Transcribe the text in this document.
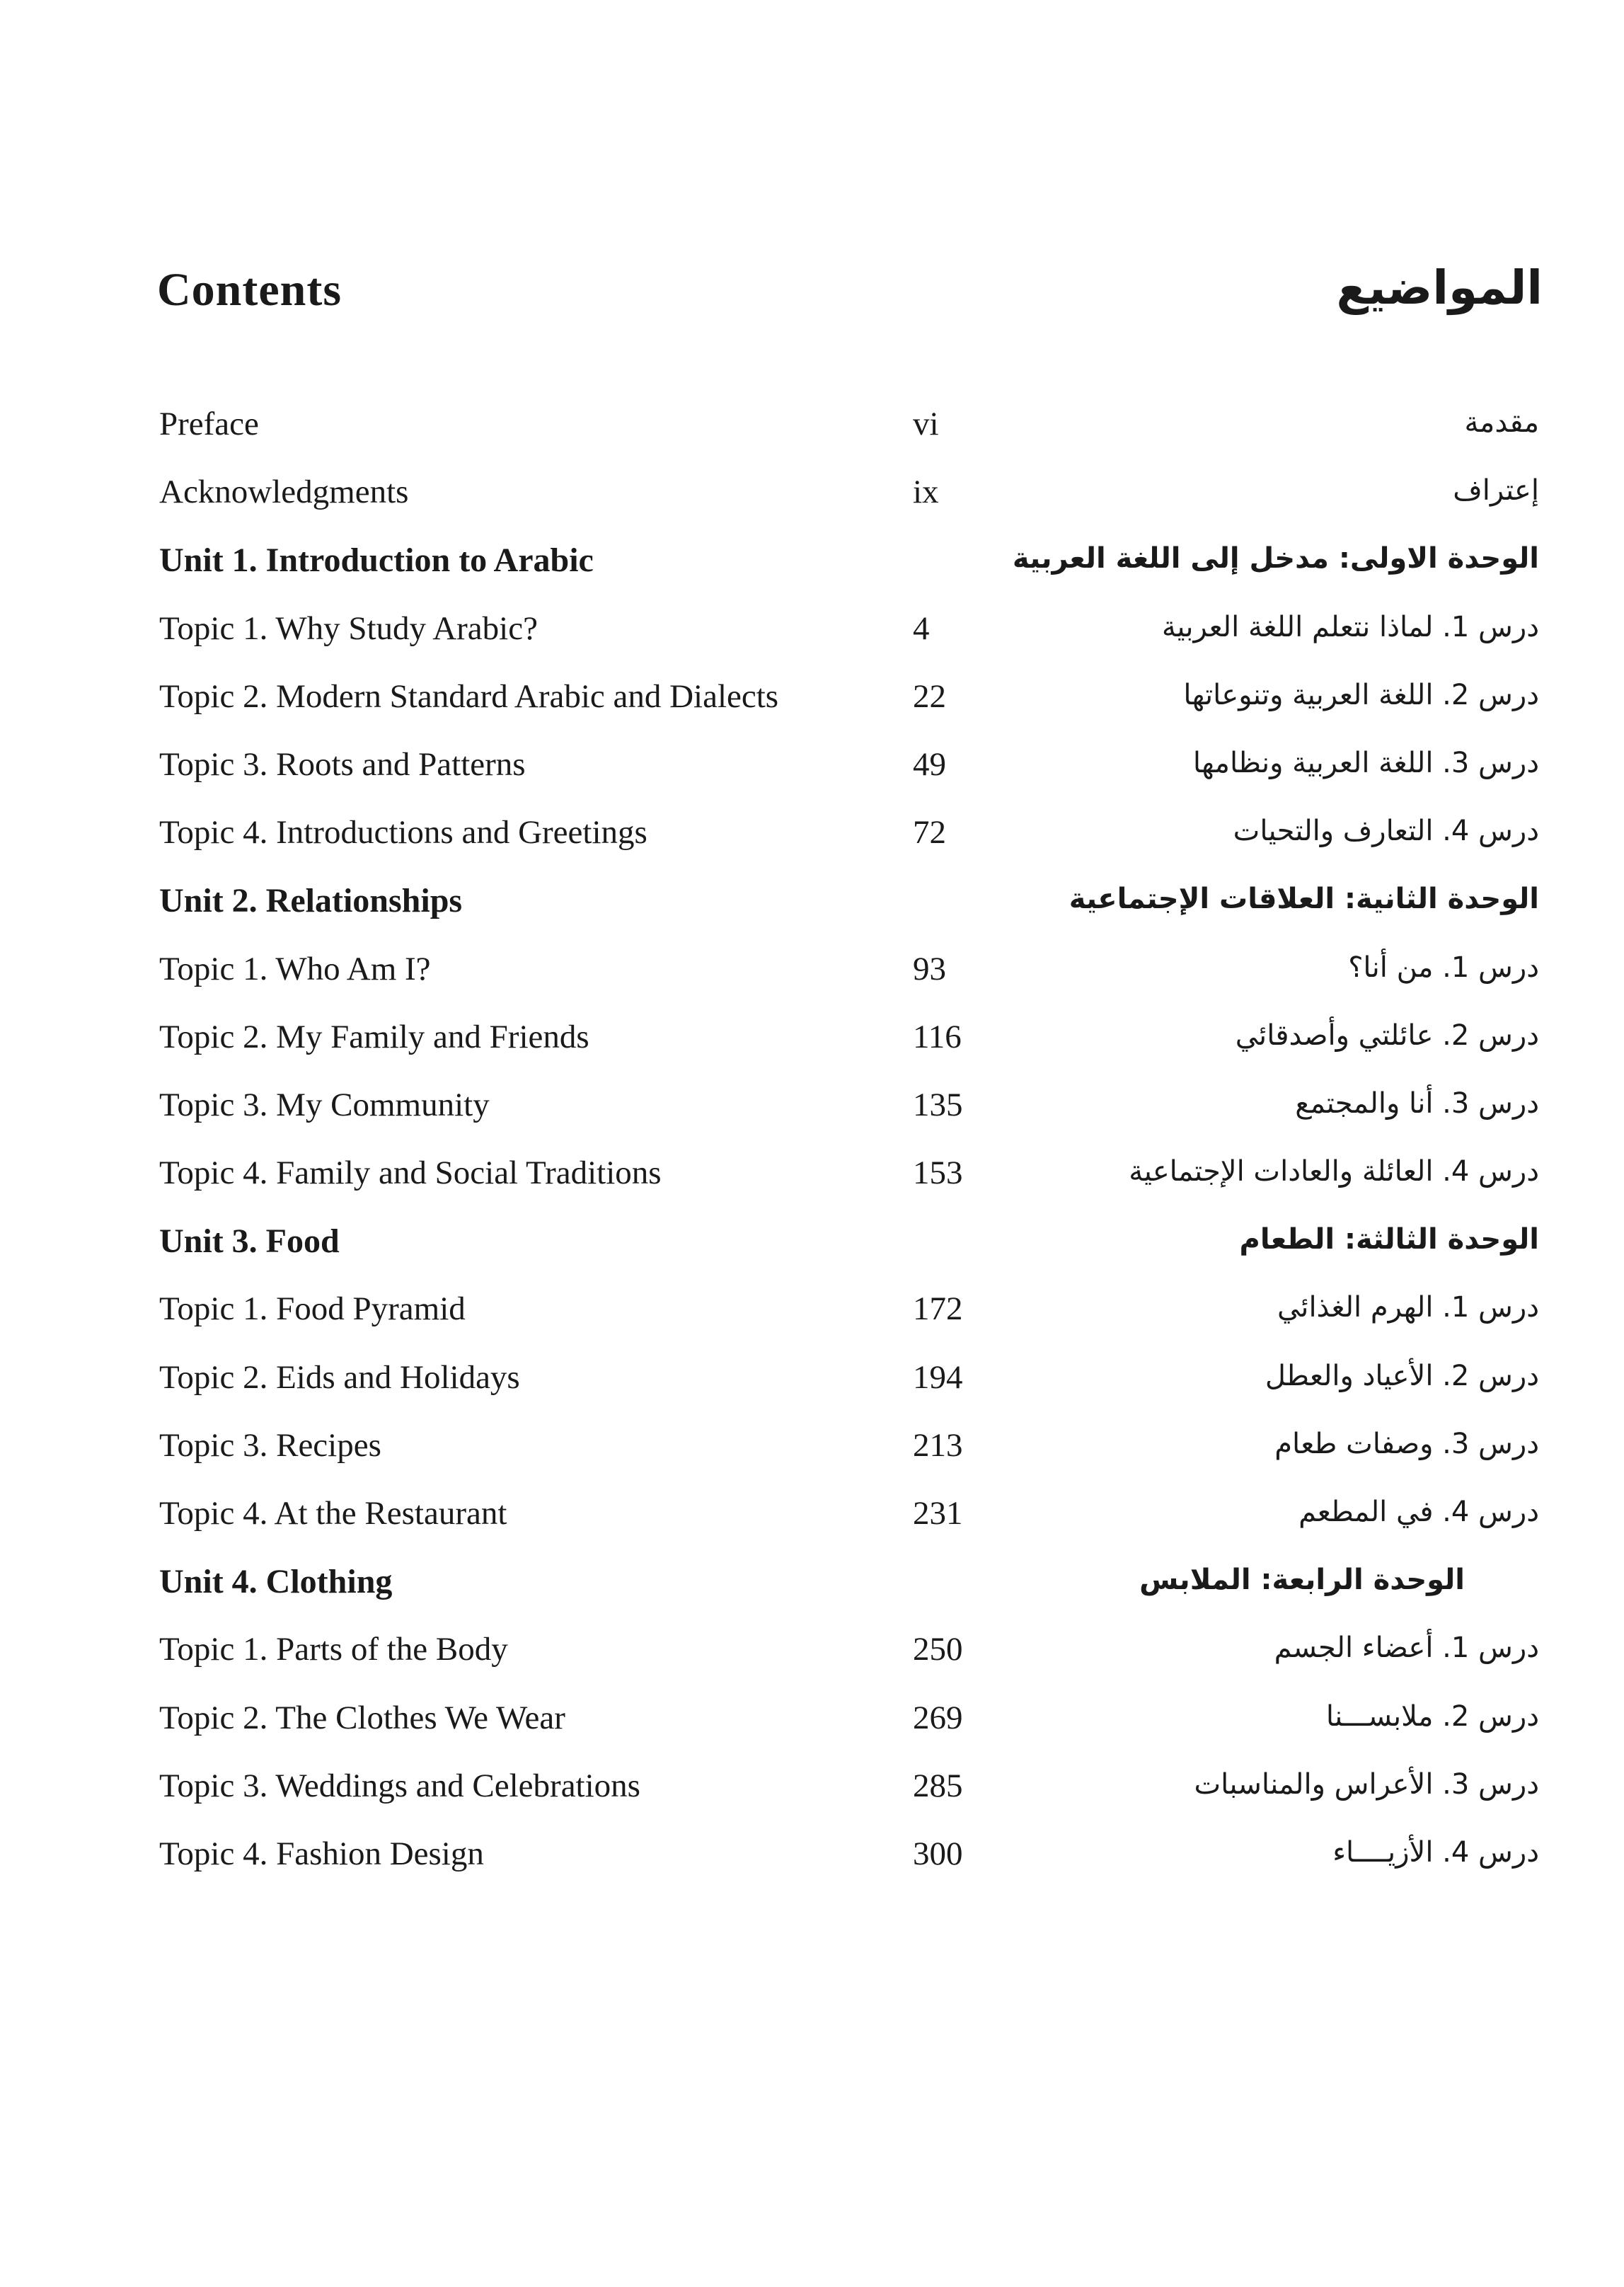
Contents	المواضيع
Preface	vi	مقدمة
Acknowledgments	ix	إعتراف
Unit 1. Introduction to Arabic	الوحدة الاولى: مدخل إلى اللغة العربية
Topic 1. Why Study Arabic?	4	درس 1. لماذا نتعلم اللغة العربية
Topic 2. Modern Standard Arabic and Dialects	22	درس 2. اللغة العربية وتنوعاتها
Topic 3. Roots and Patterns	49	درس 3. اللغة العربية ونظامها
Topic 4. Introductions and Greetings	72	درس 4. التعارف والتحيات
Unit 2. Relationships	الوحدة الثانية: العلاقات الإجتماعية
Topic 1. Who Am I?	93	درس 1. من أنا؟
Topic 2. My Family and Friends	116	درس 2. عائلتي وأصدقائي
Topic 3. My Community	135	درس 3. أنا والمجتمع
Topic 4. Family and Social Traditions	153	درس 4. العائلة والعادات الإجتماعية
Unit 3. Food	الوحدة الثالثة: الطعام
Topic 1. Food Pyramid	172	درس 1. الهرم الغذائي
Topic 2. Eids and Holidays	194	درس 2. الأعياد والعطل
Topic 3. Recipes	213	درس 3. وصفات طعام
Topic 4. At the Restaurant	231	درس 4. في المطعم
Unit 4. Clothing	الوحدة الرابعة: الملابس
Topic 1. Parts of the Body	250	درس 1. أعضاء الجسم
Topic 2. The Clothes We Wear	269	درس 2. ملابســـنا
Topic 3. Weddings and Celebrations	285	درس 3. الأعراس والمناسبات
Topic 4. Fashion Design	300	درس 4. الأزيــــاء
